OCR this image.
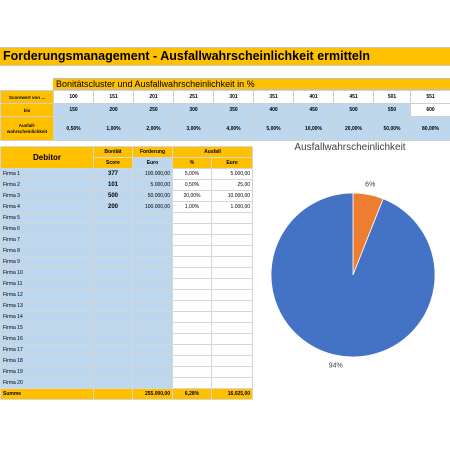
Forderungsmanagement - Ausfallwahrscheinlichkeit ermitteln
Bonitätscluster und Ausfallwahrscheinlichkeit in %
Scorewert von ...	100	151	201	251	301	351	401	451	501	551
bis	150	200	250	300	350	400	450	500	550	600
Ausfall-wahrscheinlichkeit	0,50%	1,00%	2,00%	3,00%	4,00%	5,00%	10,00%	20,00%	50,00%	80,00%
Debitor	Bonität	Forderung	Ausfall	
	Score	Euro	%	Euro
Firma 1	377	100.000,00	5,00%	5.000,00
Firma 2	101	5.000,00	0,50%	25,00
Firma 3	500	50.000,00	20,00%	10.000,00
Firma 4	200	100.000,00	1,00%	1.000,00
Firma 5				
Firma 6				
Firma 7				
Firma 8				
Firma 9				
Firma 10				
Firma 11				
Firma 12				
Firma 13				
Firma 14				
Firma 15				
Firma 16				
Firma 17				
Firma 18				
Firma 19				
Firma 20				
Summe		255.000,00	6,28%	16.025,00
Ausfallwahrscheinlichkeit
6%
94%
